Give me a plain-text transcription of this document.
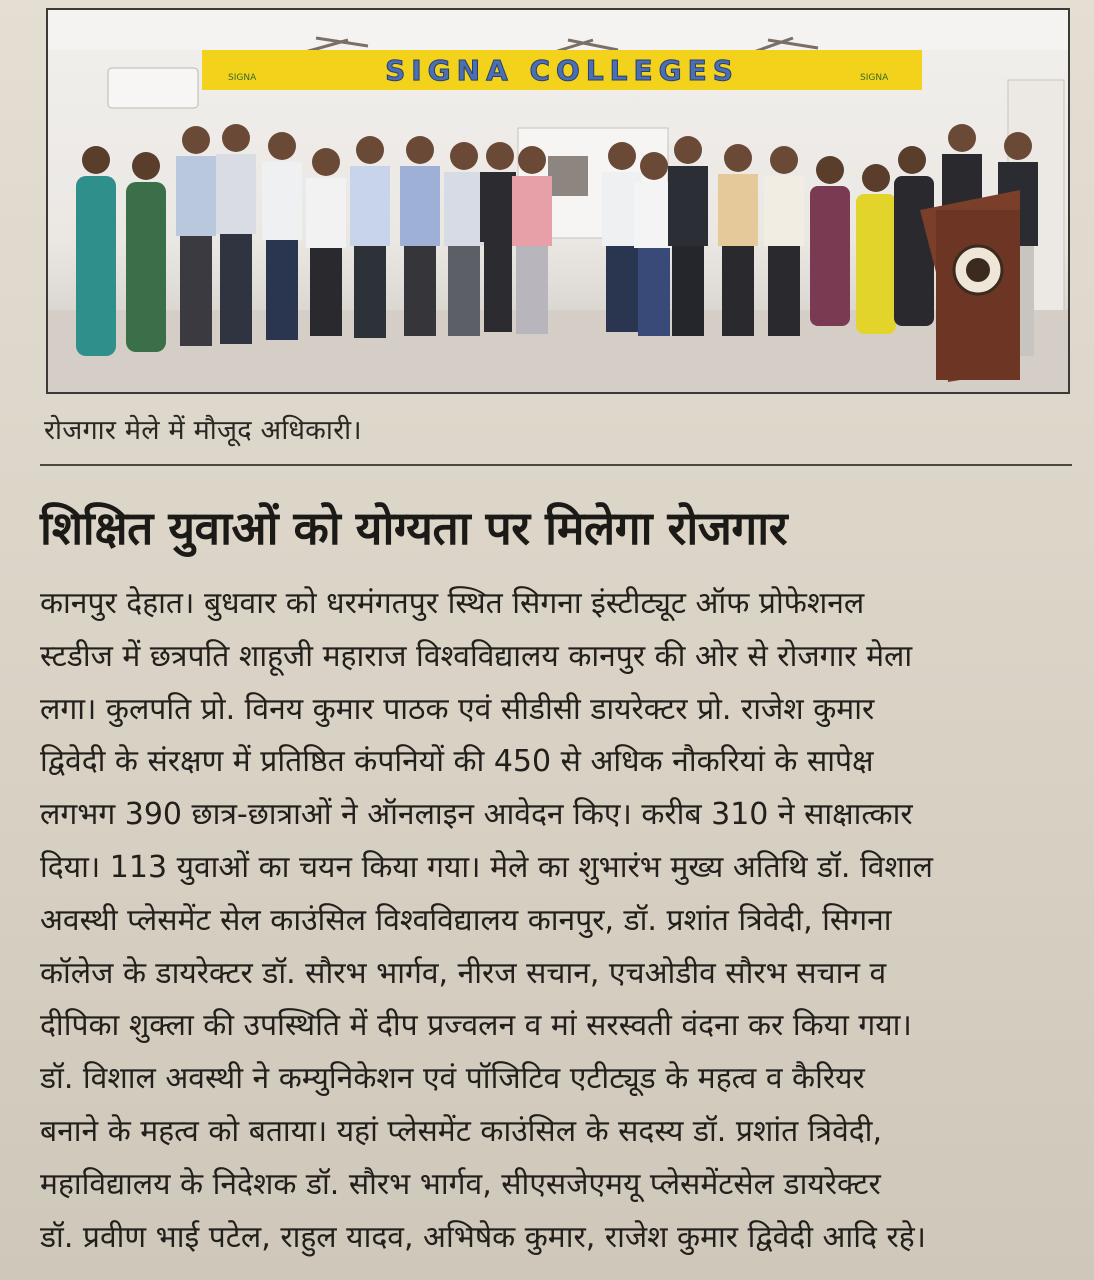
SIGNA COLLEGES
SIGNA	SIGNA
रोजगार मेले में मौजूद अधिकारी।
शिक्षित युवाओं को योग्यता पर मिलेगा रोजगार
कानपुर देहात। बुधवार को धरमंगतपुर स्थित सिगना इंस्टीट्यूट ऑफ प्रोफेशनल
स्टडीज में छत्रपति शाहूजी महाराज विश्वविद्यालय कानपुर की ओर से रोजगार मेला
लगा। कुलपति प्रो. विनय कुमार पाठक एवं सीडीसी डायरेक्टर प्रो. राजेश कुमार
द्विवेदी के संरक्षण में प्रतिष्ठित कंपनियों की 450 से अधिक नौकरियां के सापेक्ष
लगभग 390 छात्र-छात्राओं ने ऑनलाइन आवेदन किए। करीब 310 ने साक्षात्कार
दिया। 113 युवाओं का चयन किया गया। मेले का शुभारंभ मुख्य अतिथि डॉ. विशाल
अवस्थी प्लेसमेंट सेल काउंसिल विश्वविद्यालय कानपुर, डॉ. प्रशांत त्रिवेदी, सिगना
कॉलेज के डायरेक्टर डॉ. सौरभ भार्गव, नीरज सचान, एचओडीव सौरभ सचान व
दीपिका शुक्ला की उपस्थिति में दीप प्रज्वलन व मां सरस्वती वंदना कर किया गया।
डॉ. विशाल अवस्थी ने कम्युनिकेशन एवं पॉजिटिव एटीट्यूड के महत्व व कैरियर
बनाने के महत्व को बताया। यहां प्लेसमेंट काउंसिल के सदस्य डॉ. प्रशांत त्रिवेदी,
महाविद्यालय के निदेशक डॉ. सौरभ भार्गव, सीएसजेएमयू प्लेसमेंटसेल डायरेक्टर
डॉ. प्रवीण भाई पटेल, राहुल यादव, अभिषेक कुमार, राजेश कुमार द्विवेदी आदि रहे।
